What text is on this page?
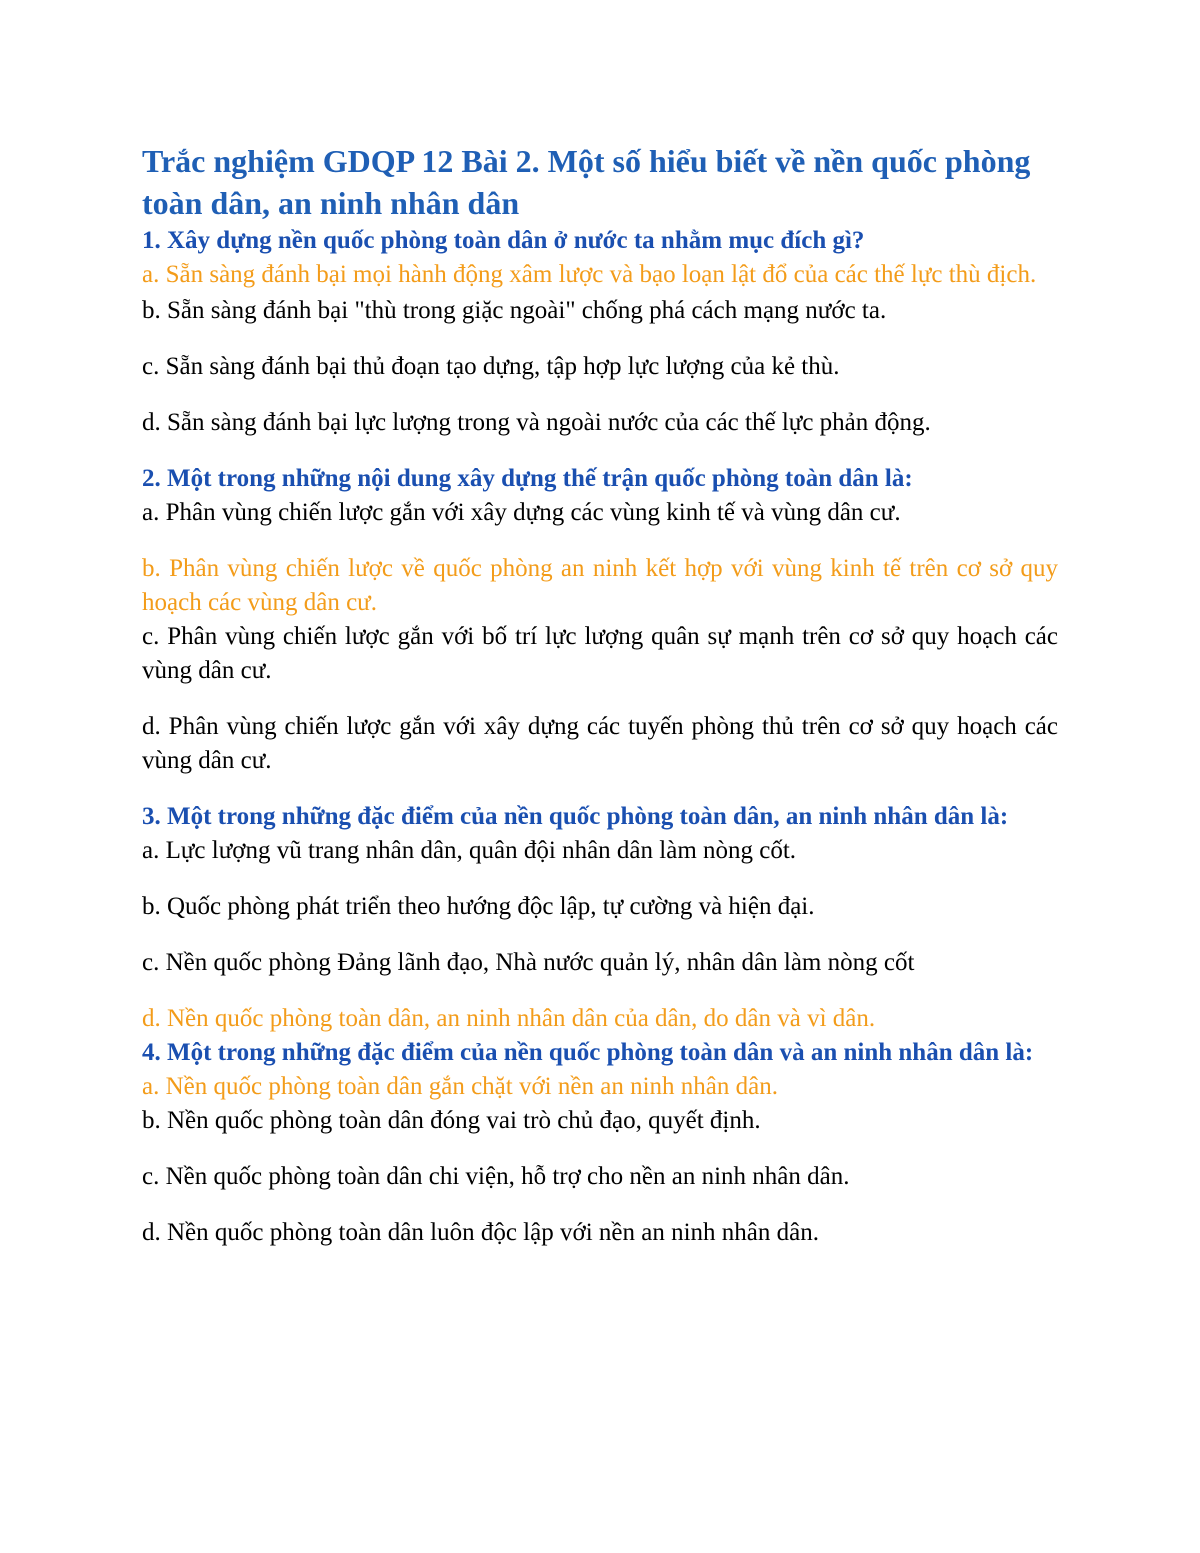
Trắc nghiệm GDQP 12 Bài 2. Một số hiểu biết về nền quốc phòng toàn dân, an ninh nhân dân

1. Xây dựng nền quốc phòng toàn dân ở nước ta nhằm mục đích gì?

a. Sẵn sàng đánh bại mọi hành động xâm lược và bạo loạn lật đổ của các thế lực thù địch.

b. Sẵn sàng đánh bại "thù trong giặc ngoài" chống phá cách mạng nước ta.

c. Sẵn sàng đánh bại thủ đoạn tạo dựng, tập hợp lực lượng của kẻ thù.

d. Sẵn sàng đánh bại lực lượng trong và ngoài nước của các thế lực phản động.

2. Một trong những nội dung xây dựng thế trận quốc phòng toàn dân là:

a. Phân vùng chiến lược gắn với xây dựng các vùng kinh tế và vùng dân cư.

b. Phân vùng chiến lược về quốc phòng an ninh kết hợp với vùng kinh tế trên cơ sở quy hoạch các vùng dân cư.

c. Phân vùng chiến lược gắn với bố trí lực lượng quân sự mạnh trên cơ sở quy hoạch các vùng dân cư.

d. Phân vùng chiến lược gắn với xây dựng các tuyến phòng thủ trên cơ sở quy hoạch các vùng dân cư.

3. Một trong những đặc điểm của nền quốc phòng toàn dân, an ninh nhân dân là:

a. Lực lượng vũ trang nhân dân, quân đội nhân dân làm nòng cốt.

b. Quốc phòng phát triển theo hướng độc lập, tự cường và hiện đại.

c. Nền quốc phòng Đảng lãnh đạo, Nhà nước quản lý, nhân dân làm nòng cốt

d. Nền quốc phòng toàn dân, an ninh nhân dân của dân, do dân và vì dân.

4. Một trong những đặc điểm của nền quốc phòng toàn dân và an ninh nhân dân là:

a. Nền quốc phòng toàn dân gắn chặt với nền an ninh nhân dân.

b. Nền quốc phòng toàn dân đóng vai trò chủ đạo, quyết định.

c. Nền quốc phòng toàn dân chi viện, hỗ trợ cho nền an ninh nhân dân.

d. Nền quốc phòng toàn dân luôn độc lập với nền an ninh nhân dân.
